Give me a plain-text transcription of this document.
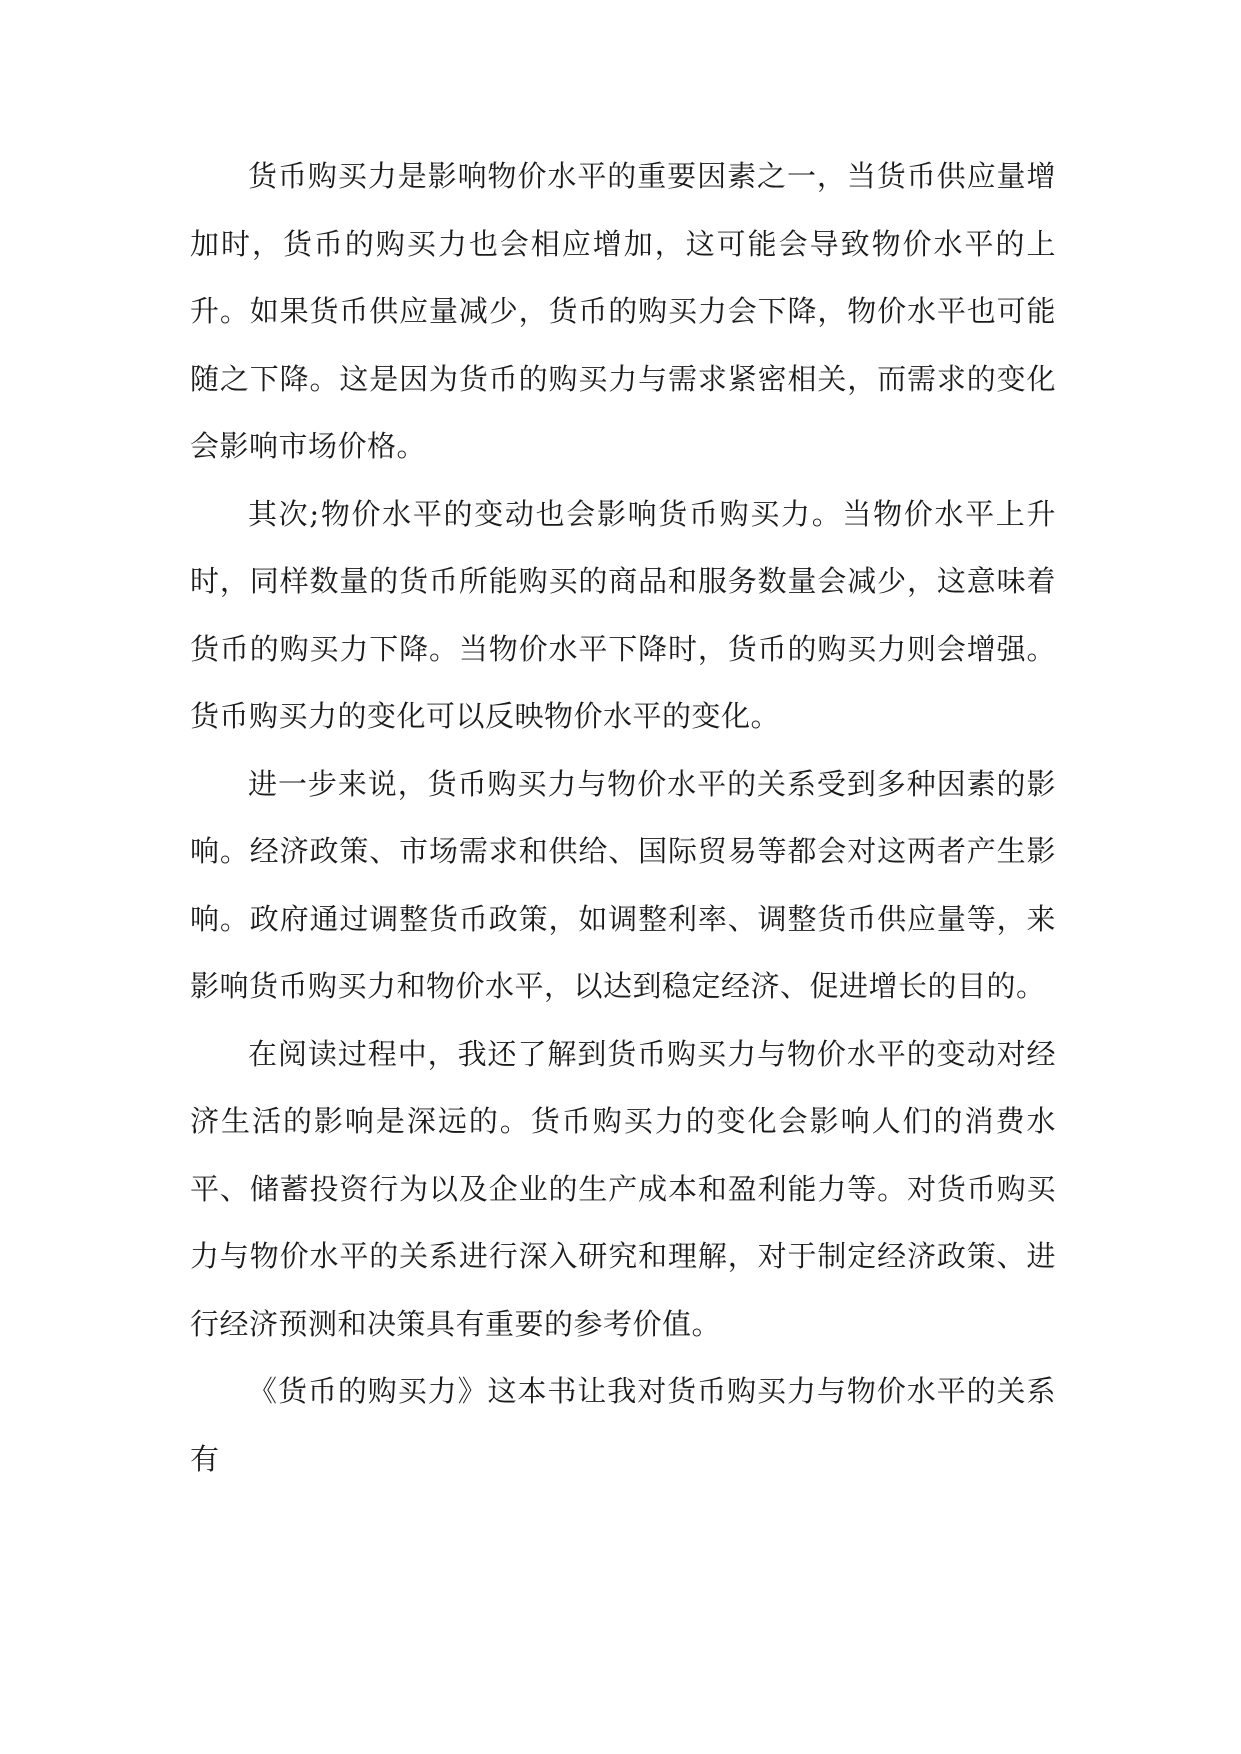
货币购买力是影响物价水平的重要因素之一，当货币供应量增加时，货币的购买力也会相应增加，这可能会导致物价水平的上升。如果货币供应量减少，货币的购买力会下降，物价水平也可能随之下降。这是因为货币的购买力与需求紧密相关，而需求的变化会影响市场价格。

其次;物价水平的变动也会影响货币购买力。当物价水平上升时，同样数量的货币所能购买的商品和服务数量会减少，这意味着货币的购买力下降。当物价水平下降时，货币的购买力则会增强。货币购买力的变化可以反映物价水平的变化。

进一步来说，货币购买力与物价水平的关系受到多种因素的影响。经济政策、市场需求和供给、国际贸易等都会对这两者产生影响。政府通过调整货币政策，如调整利率、调整货币供应量等，来影响货币购买力和物价水平，以达到稳定经济、促进增长的目的。

在阅读过程中，我还了解到货币购买力与物价水平的变动对经济生活的影响是深远的。货币购买力的变化会影响人们的消费水平、储蓄投资行为以及企业的生产成本和盈利能力等。对货币购买力与物价水平的关系进行深入研究和理解，对于制定经济政策、进行经济预测和决策具有重要的参考价值。

《货币的购买力》这本书让我对货币购买力与物价水平的关系有
